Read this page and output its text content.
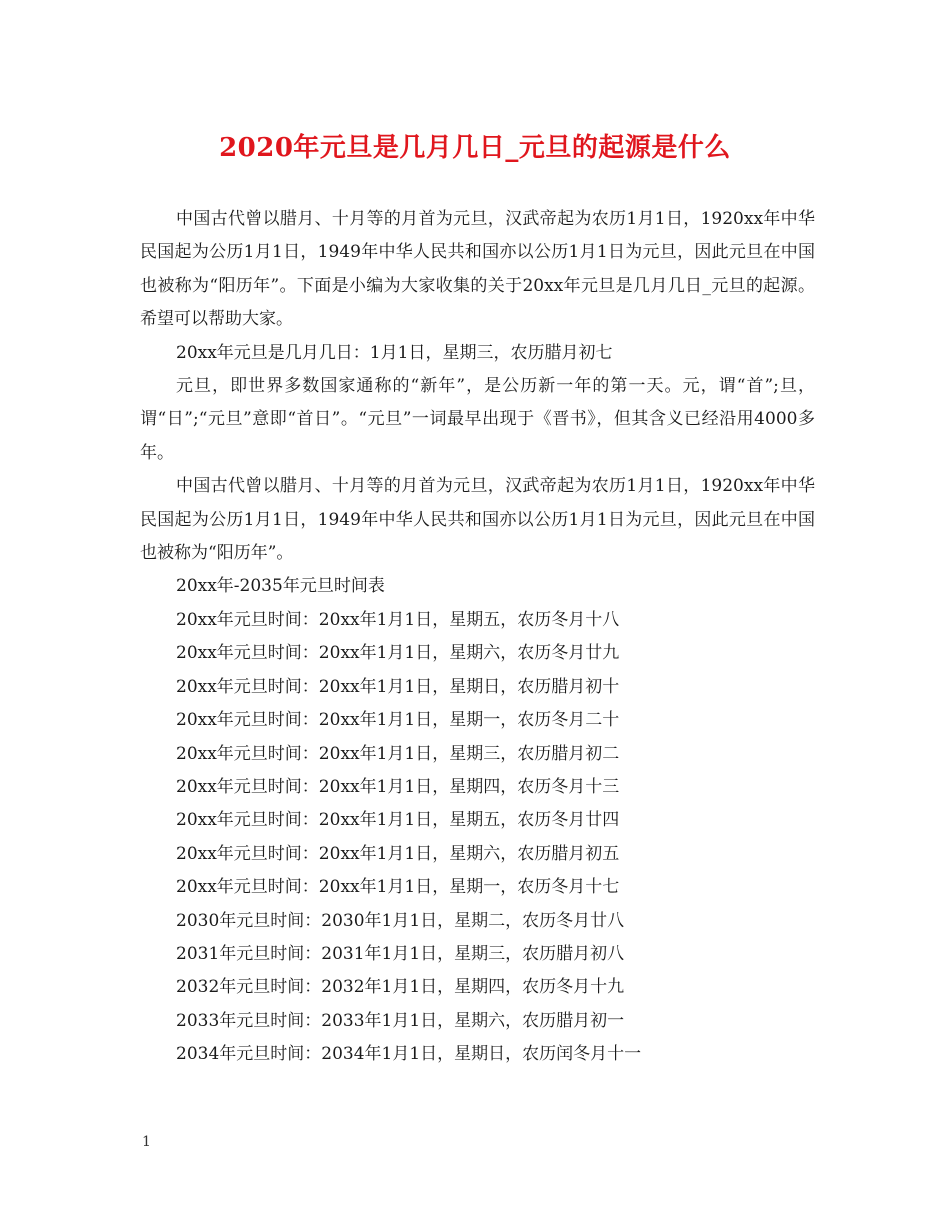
2020年元旦是几月几日_元旦的起源是什么

中国古代曾以腊月、十月等的月首为元旦，汉武帝起为农历1月1日，1920xx年中华民国起为公历1月1日，1949年中华人民共和国亦以公历1月1日为元旦，因此元旦在中国也被称为“阳历年”。下面是小编为大家收集的关于20xx年元旦是几月几日_元旦的起源。希望可以帮助大家。

20xx年元旦是几月几日：1月1日，星期三，农历腊月初七

元旦，即世界多数国家通称的“新年”，是公历新一年的第一天。元，谓“首”;旦，谓“日”;“元旦”意即“首日”。“元旦”一词最早出现于《晋书》，但其含义已经沿用4000多年。

中国古代曾以腊月、十月等的月首为元旦，汉武帝起为农历1月1日，1920xx年中华民国起为公历1月1日，1949年中华人民共和国亦以公历1月1日为元旦，因此元旦在中国也被称为“阳历年”。

20xx年-2035年元旦时间表

20xx年元旦时间：20xx年1月1日，星期五，农历冬月十八

20xx年元旦时间：20xx年1月1日，星期六，农历冬月廿九

20xx年元旦时间：20xx年1月1日，星期日，农历腊月初十

20xx年元旦时间：20xx年1月1日，星期一，农历冬月二十

20xx年元旦时间：20xx年1月1日，星期三，农历腊月初二

20xx年元旦时间：20xx年1月1日，星期四，农历冬月十三

20xx年元旦时间：20xx年1月1日，星期五，农历冬月廿四

20xx年元旦时间：20xx年1月1日，星期六，农历腊月初五

20xx年元旦时间：20xx年1月1日，星期一，农历冬月十七

2030年元旦时间：2030年1月1日，星期二，农历冬月廿八

2031年元旦时间：2031年1月1日，星期三，农历腊月初八

2032年元旦时间：2032年1月1日，星期四，农历冬月十九

2033年元旦时间：2033年1月1日，星期六，农历腊月初一

2034年元旦时间：2034年1月1日，星期日，农历闰冬月十一

1
